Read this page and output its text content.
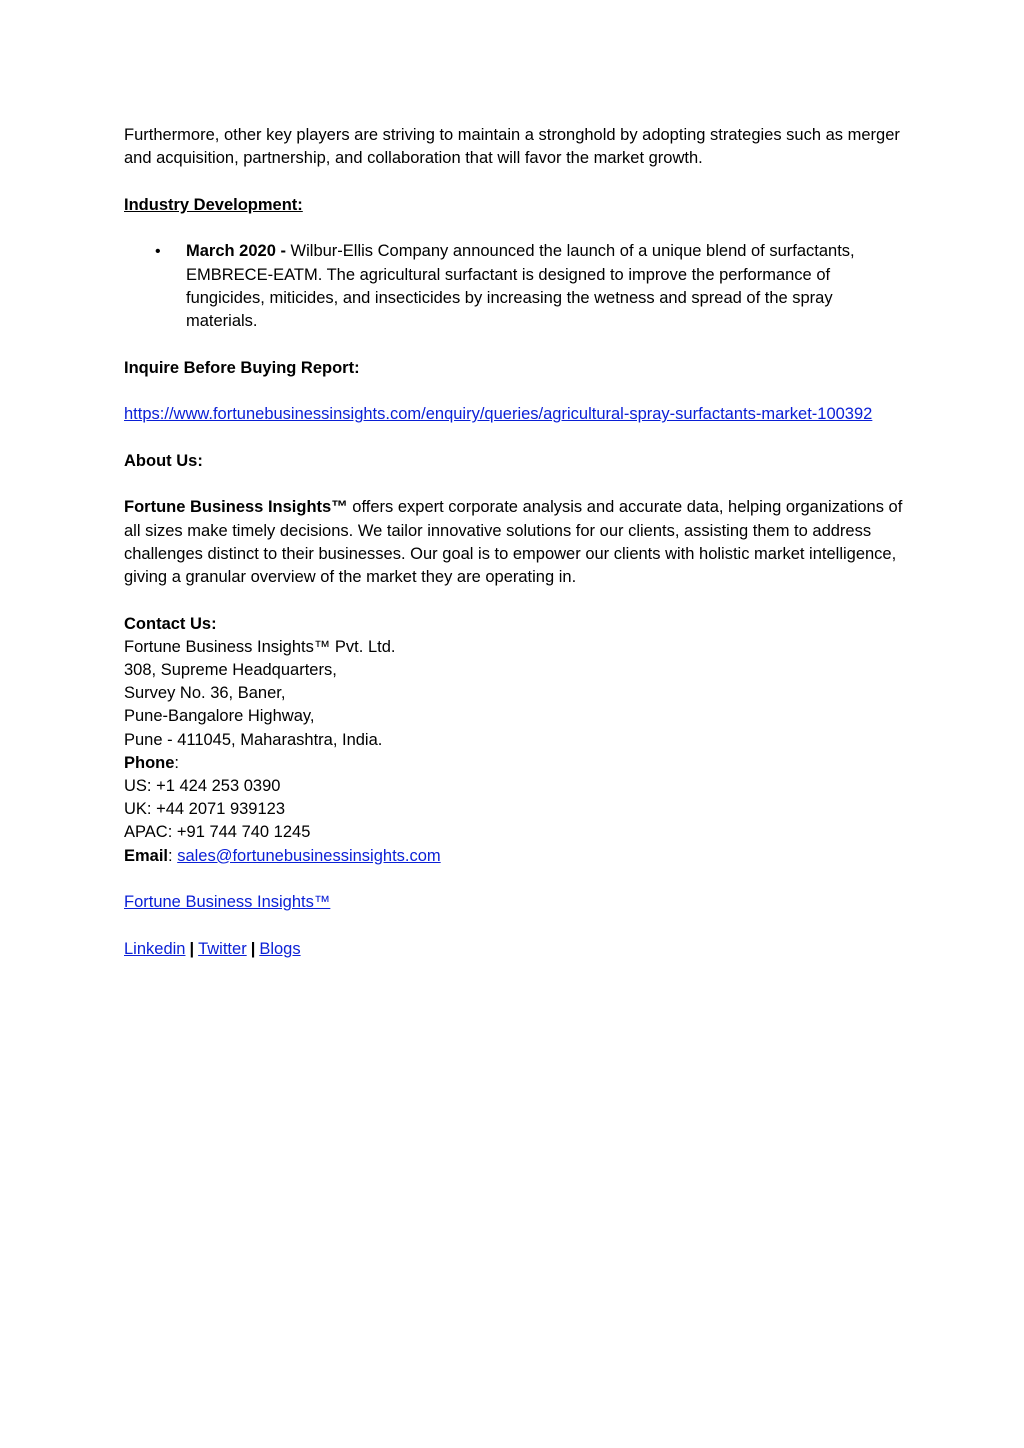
Furthermore, other key players are striving to maintain a stronghold by adopting strategies such as merger and acquisition, partnership, and collaboration that will favor the market growth.

Industry Development:

• March 2020 - Wilbur-Ellis Company announced the launch of a unique blend of surfactants, EMBRECE-EATM. The agricultural surfactant is designed to improve the performance of fungicides, miticides, and insecticides by increasing the wetness and spread of the spray materials.

Inquire Before Buying Report:

https://www.fortunebusinessinsights.com/enquiry/queries/agricultural-spray-surfactants-market-100392

About Us:

Fortune Business Insights™ offers expert corporate analysis and accurate data, helping organizations of all sizes make timely decisions. We tailor innovative solutions for our clients, assisting them to address challenges distinct to their businesses. Our goal is to empower our clients with holistic market intelligence, giving a granular overview of the market they are operating in.

Contact Us:
Fortune Business Insights™ Pvt. Ltd.
308, Supreme Headquarters,
Survey No. 36, Baner,
Pune-Bangalore Highway,
Pune - 411045, Maharashtra, India.
Phone:
US: +1 424 253 0390
UK: +44 2071 939123
APAC: +91 744 740 1245
Email: sales@fortunebusinessinsights.com

Fortune Business Insights™

Linkedin | Twitter | Blogs
